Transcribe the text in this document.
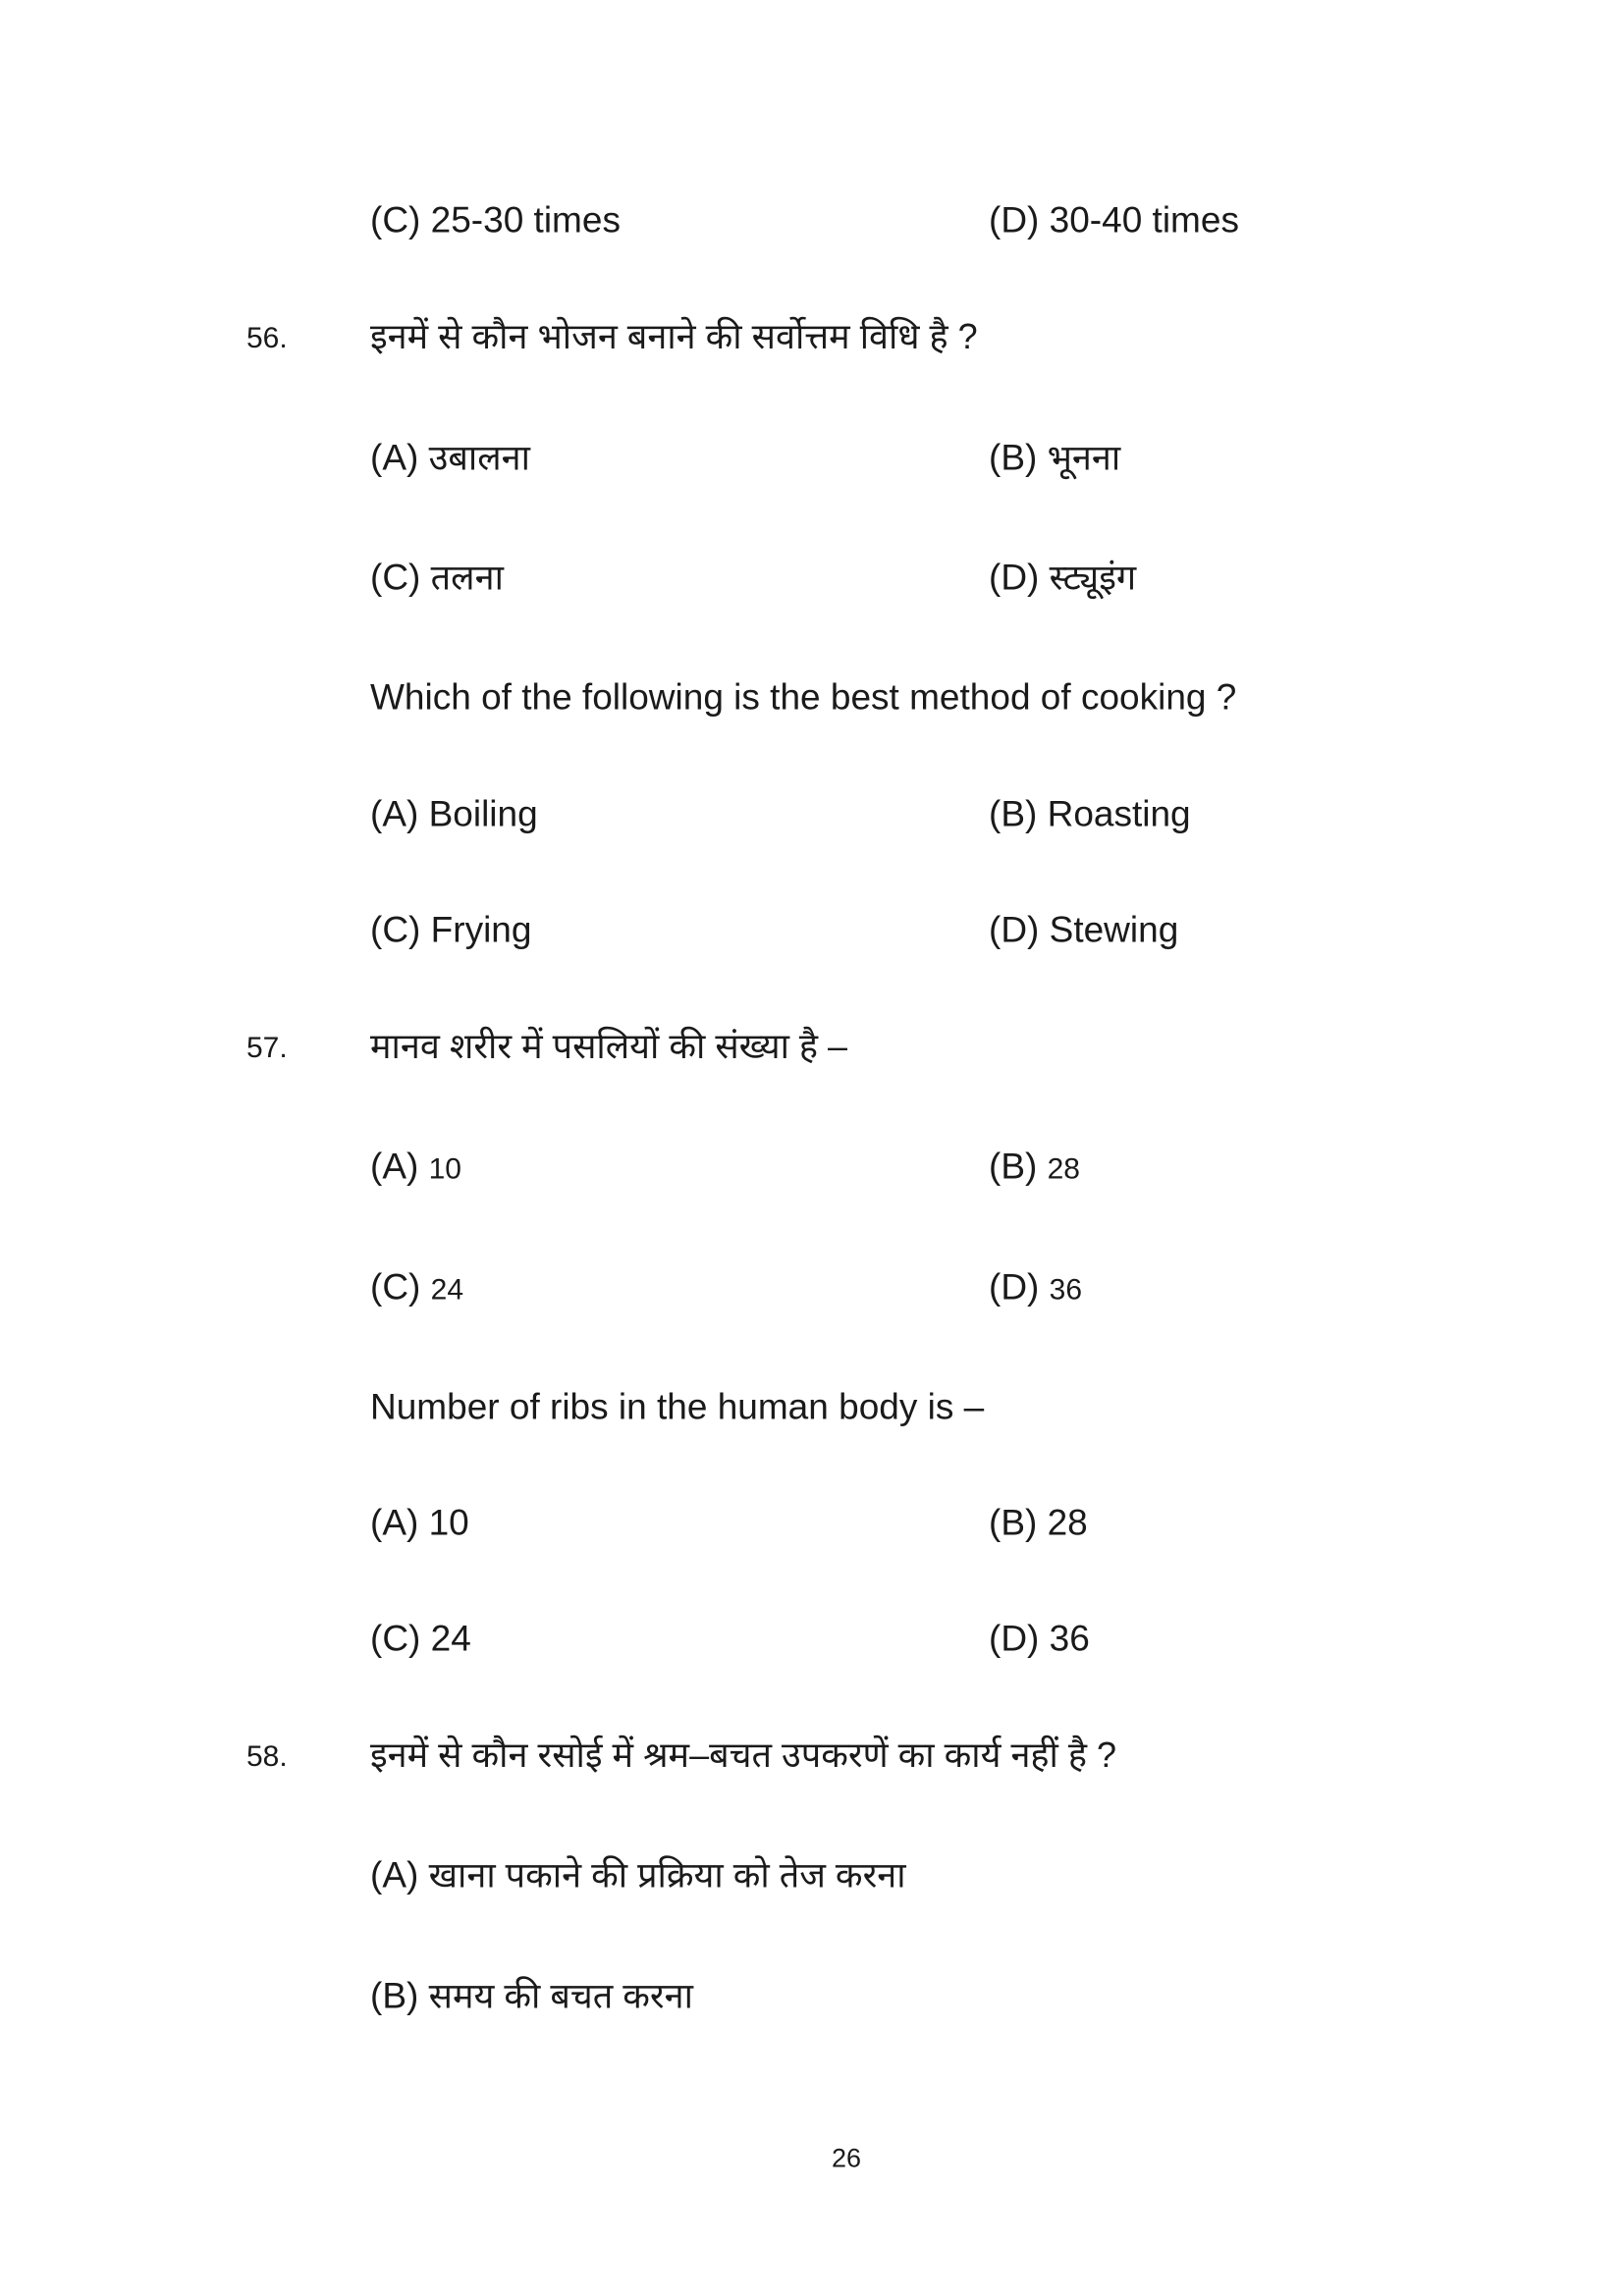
(C) 25-30 times	(D) 30-40 times
56. इनमें से कौन भोजन बनाने की सर्वोत्तम विधि है ?
(A) उबालना	(B) भूनना
(C) तलना	(D) स्ट्यूइंग
Which of the following is the best method of cooking ?
(A) Boiling	(B) Roasting
(C) Frying	(D) Stewing
57. मानव शरीर में पसलियों की संख्या है –
(A) 10	(B) 28
(C) 24	(D) 36
Number of ribs in the human body is –
(A) 10	(B) 28
(C) 24	(D) 36
58. इनमें से कौन रसोई में श्रम–बचत उपकरणें का कार्य नहीं है ?
(A) खाना पकाने की प्रक्रिया को तेज करना
(B) समय की बचत करना
26
